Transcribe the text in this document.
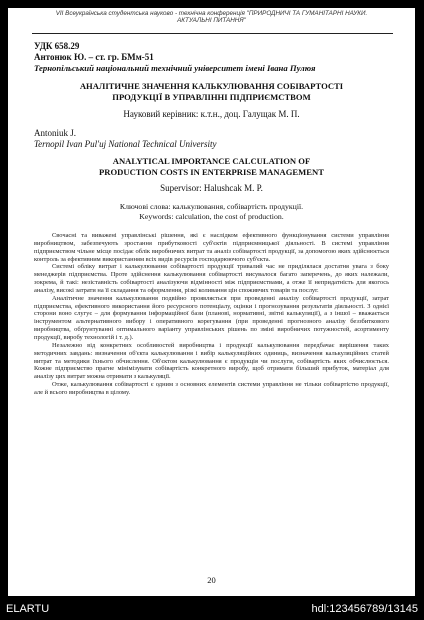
VII Всеукраїнська студентська науково - технічна конференція "ПРИРОДНИЧІ ТА ГУМАНІТАРНІ НАУКИ. АКТУАЛЬНІ ПИТАННЯ"
УДК 658.29
Антонюк Ю. – ст. гр. БМм-51
Тернопільський національний технічний університет імені Івана Пулюя
АНАЛІТИЧНЕ ЗНАЧЕННЯ КАЛЬКУЛЮВАННЯ СОБІВАРТОСТІ
ПРОДУКЦІЇ В УПРАВЛІННІ ПІДПРИЄМСТВОМ
Науковий керівник: к.т.н., доц. Галущак М. П.
Antoniuk J.
Ternopil Ivan Pul'uj National Technical University
ANALYTICAL IMPORTANCE CALCULATION OF
PRODUCTION COSTS IN ENTERPRISE MANAGEMENT
Supervisor: Halushcak M. P.
Ключові слова: калькулювання, собівартість продукції.
Keywords: calculation, the cost of production.

Свочасні та виважені управлінські рішення, які є наслідком ефективного функціонування системи управління виробництвом, забезпечують зростання прибутковості суб'єктів підприємницької діяльності. В системі управління підприємством чільне місце посідає облік виробничих витрат та аналіз собівартості продукції, за допомогою яких здійснюється контроль за ефективним використанням всіх видів ресурсів господарюючого суб'єкта.

Системі обліку витрат і калькулювання собівартості продукції тривалий час не приділялася достатня увага з боку менеджерів підприємства. Проте здійснення калькулювання собівартості висувалося багато заперечень, до яких належали, зокрема, й такі: незіставність собівартості аналізуючи відмінності між підприємствами, а отже її непридатність для якогось аналізу, високі затрати на її складання та оформлення, різкі коливання цін споживчих товарів та послуг.

Аналітичне значення калькулювання подвійно проявляється при проведенні аналізу собівартості продукції, затрат підприємства, ефективного використання його ресурсного потенціалу, оцінки і прогнозування результатів діяльності. З однієї сторони воно слугує – для формування інформаційної бази (планові, нормативні, звітні калькуляції), а з іншої – вважається інструментом альтернативного вибору і оперативного корегування (при проведенні прогнозного аналізу беззбиткового виробництва, обґрунтуванні оптимального варіанту управлінських рішень по зміні виробничих потужностей, асортименту продукції, виробу технологій і т. д.).

Незалежно від конкретних особливостей виробництва і продукції калькулювання передбачає вирішення таких методичних завдань: визначення об'єкта калькулювання і вибір калькуляційних одиниць, визначення калькуляційних статей витрат та методики їхнього обчислення. Об'єктом калькулювання є продукція чи послуги, собівартість яких обчислюється. Кожне підприємство прагне мінімізувати собівартість конкретного виробу, щоб отримати більший прибуток, матеріал для аналізу цих витрат можна отримати з калькуляції.

Отже, калькулювання собівартості є одним з основних елементів системи управління не тільки собівартістю продукції, але й всього виробництва в цілому.

20
ELARTU	hdl:123456789/13145
